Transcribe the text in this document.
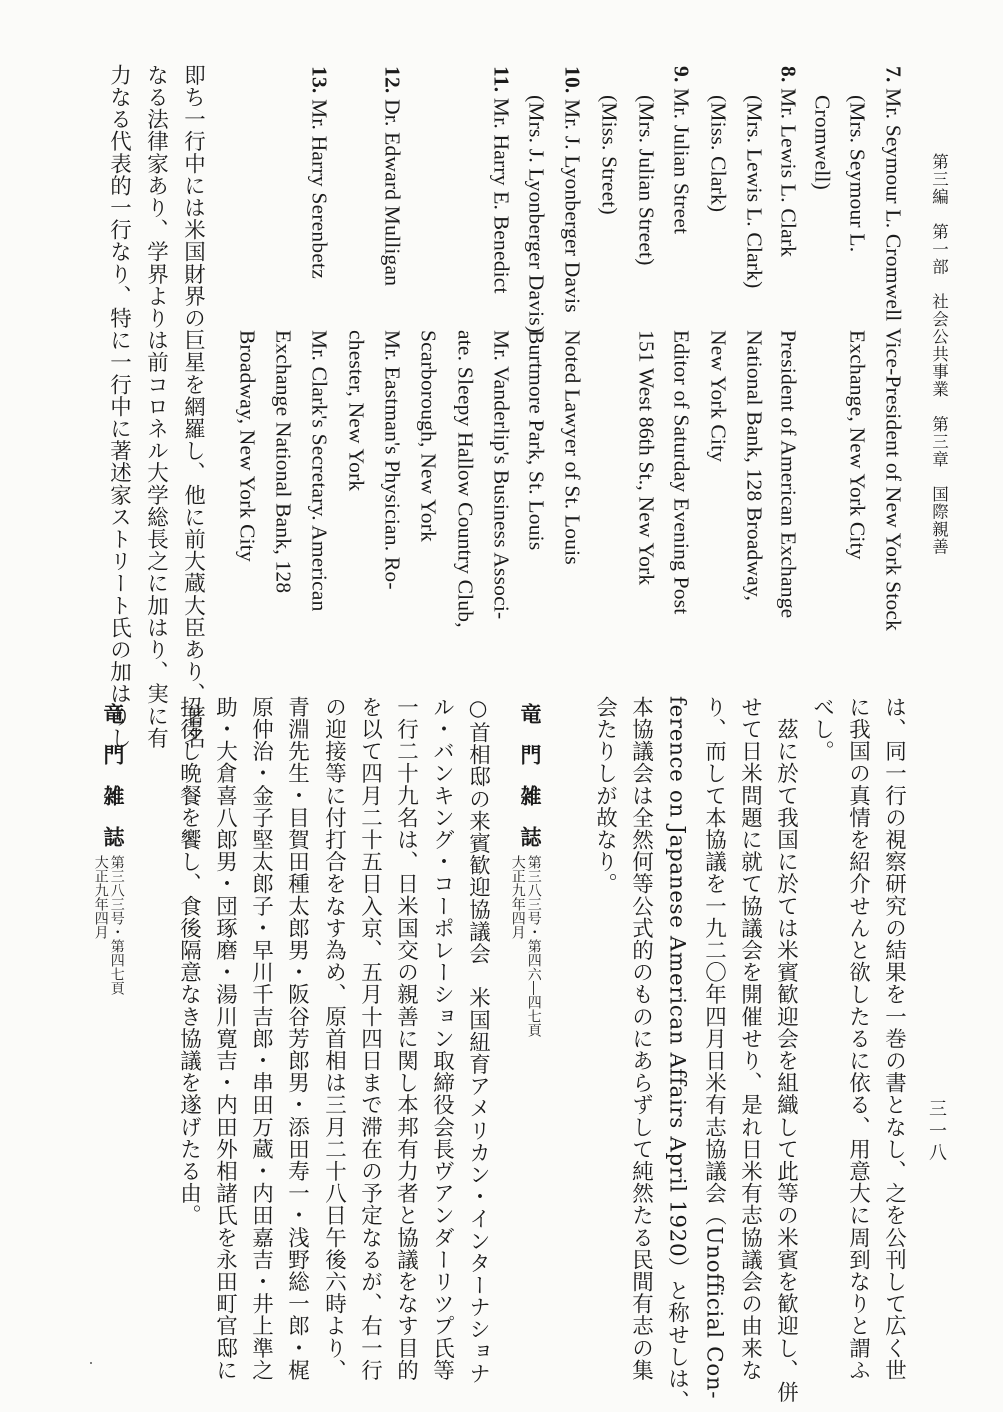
第三編　第一部　社会公共事業　第三章　国際親善
三一八
7. Mr. Seymour L. Cromwell
Vice-President of New York Stock
(Mrs. Seymour L.
Exchange, New York City
Cromwell)
8. Mr. Lewis L. Clark
President of American Exchange
(Mrs. Lewis L. Clark)
National Bank, 128 Broadway,
(Miss. Clark)
New York City
9. Mr. Julian Street
Editor of Saturday Evening Post
(Mrs. Julian Street)
151 West 86th St., New York
(Miss. Street)
10. Mr. J. Lyonberger Davis
Noted Lawyer of St. Louis
(Mrs. J. Lyonberger Davis)
Burtmore Park, St. Louis
11. Mr. Harry E. Benedict
Mr. Vanderlip's Business Associ-
ate. Sleepy Hallow Country Club,
Scarborough, New York
12. Dr. Edward Mulligan
Mr. Eastman's Physician. Ro-
chester, New York
13. Mr. Harry Serenbetz
Mr. Clark's Secretary. American
Exchange National Bank, 128
Broadway, New York City
即ち一行中には米国財界の巨星を網羅し、他に前大蔵大臣あり、著名
なる法律家あり、学界よりは前コロネル大学総長之に加はり、実に有
力なる代表的一行なり、特に一行中に著述家ストリート氏の加はりし
は、同一行の視察研究の結果を一巻の書となし、之を公刊して広く世
に我国の真情を紹介せんと欲したるに依る、用意大に周到なりと謂ふ
べし。
　茲に於て我国に於ては米賓歓迎会を組織して此等の米賓を歓迎し、併
せて日米問題に就て協議会を開催せり、是れ日米有志協議会の由来な
り、而して本協議を一九二〇年四月日米有志協議会（Unofficial Con-
ference on Japanese American Affairs April 1920）と称せしは、
本協議会は全然何等公式的のものにあらずして純然たる民間有志の集
会たりしが故なり。
竜門雑誌
第三八三号・第四六―四七頁
大正九年四月
○首相邸の来賓歓迎協議会　米国紐育アメリカン・インターナショナ
ル・バンキング・コーポレーション取締役会長ヴアンダーリツプ氏等
一行二十九名は、日米国交の親善に関し本邦有力者と協議をなす目的
を以て四月二十五日入京、五月十四日まで滞在の予定なるが、右一行
の迎接等に付打合をなす為め、原首相は三月二十八日午後六時より、
青淵先生・目賀田種太郎男・阪谷芳郎男・添田寿一・浅野総一郎・梶
原仲治・金子堅太郎子・早川千吉郎・串田万蔵・内田嘉吉・井上準之
助・大倉喜八郎男・団琢磨・湯川寛吉・内田外相諸氏を永田町官邸に
招待し晩餐を饗し、食後隔意なき協議を遂げたる由。
竜門雑誌
第三八三号・第四七頁
大正九年四月
